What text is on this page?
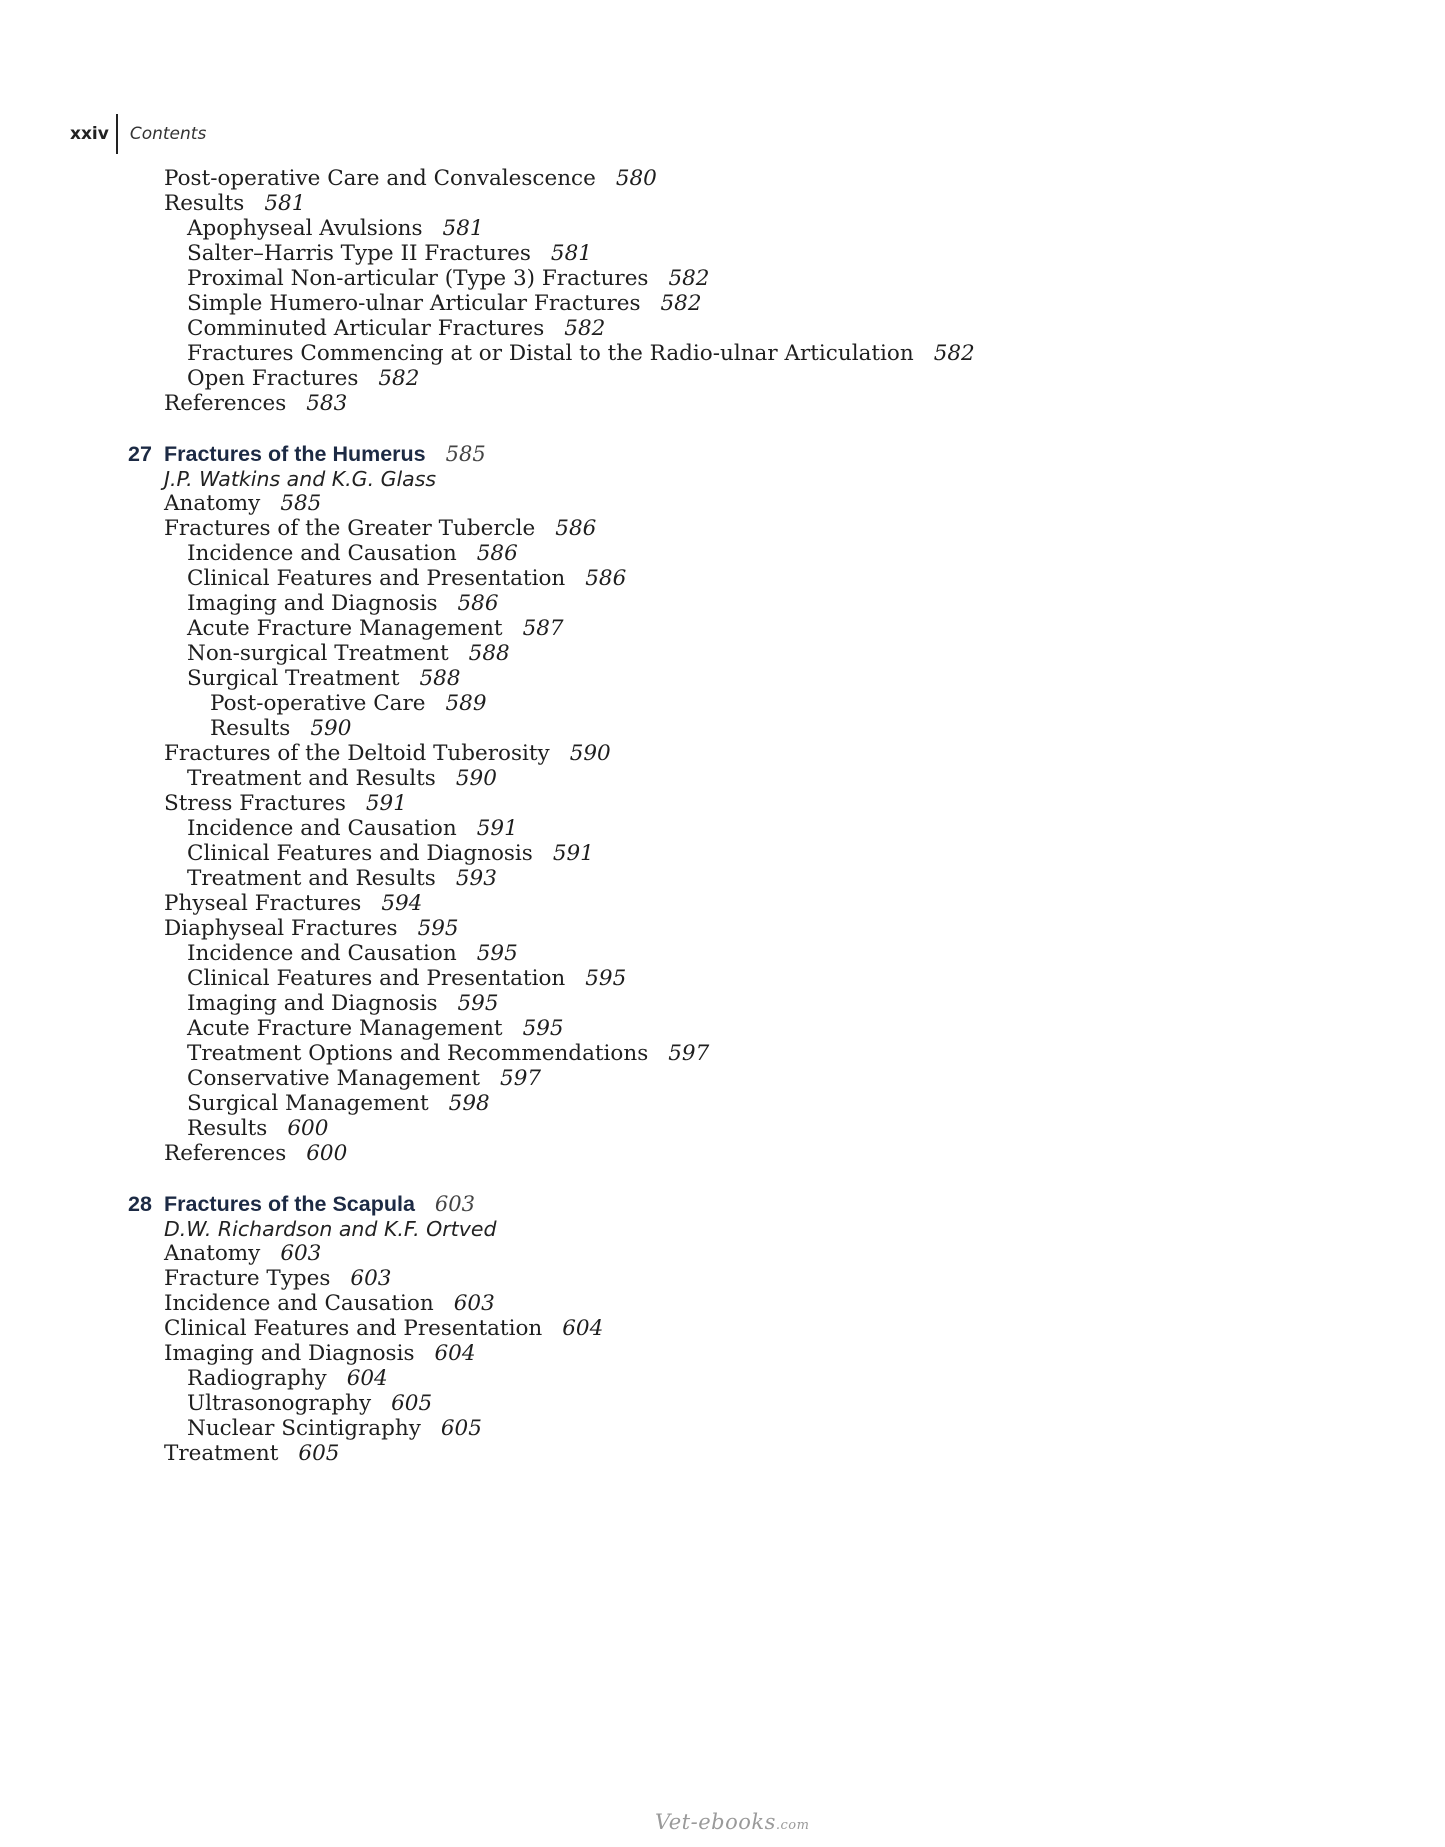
xxiv Contents
Post-operative Care and Convalescence 580
Results 581
Apophyseal Avulsions 581
Salter–Harris Type II Fractures 581
Proximal Non-articular (Type 3) Fractures 582
Simple Humero-ulnar Articular Fractures 582
Comminuted Articular Fractures 582
Fractures Commencing at or Distal to the Radio-ulnar Articulation 582
Open Fractures 582
References 583
27 Fractures of the Humerus 585
J.P. Watkins and K.G. Glass
Anatomy 585
Fractures of the Greater Tubercle 586
Incidence and Causation 586
Clinical Features and Presentation 586
Imaging and Diagnosis 586
Acute Fracture Management 587
Non-surgical Treatment 588
Surgical Treatment 588
Post-operative Care 589
Results 590
Fractures of the Deltoid Tuberosity 590
Treatment and Results 590
Stress Fractures 591
Incidence and Causation 591
Clinical Features and Diagnosis 591
Treatment and Results 593
Physeal Fractures 594
Diaphyseal Fractures 595
Incidence and Causation 595
Clinical Features and Presentation 595
Imaging and Diagnosis 595
Acute Fracture Management 595
Treatment Options and Recommendations 597
Conservative Management 597
Surgical Management 598
Results 600
References 600
28 Fractures of the Scapula 603
D.W. Richardson and K.F. Ortved
Anatomy 603
Fracture Types 603
Incidence and Causation 603
Clinical Features and Presentation 604
Imaging and Diagnosis 604
Radiography 604
Ultrasonography 605
Nuclear Scintigraphy 605
Treatment 605
Vet-ebooks.com
